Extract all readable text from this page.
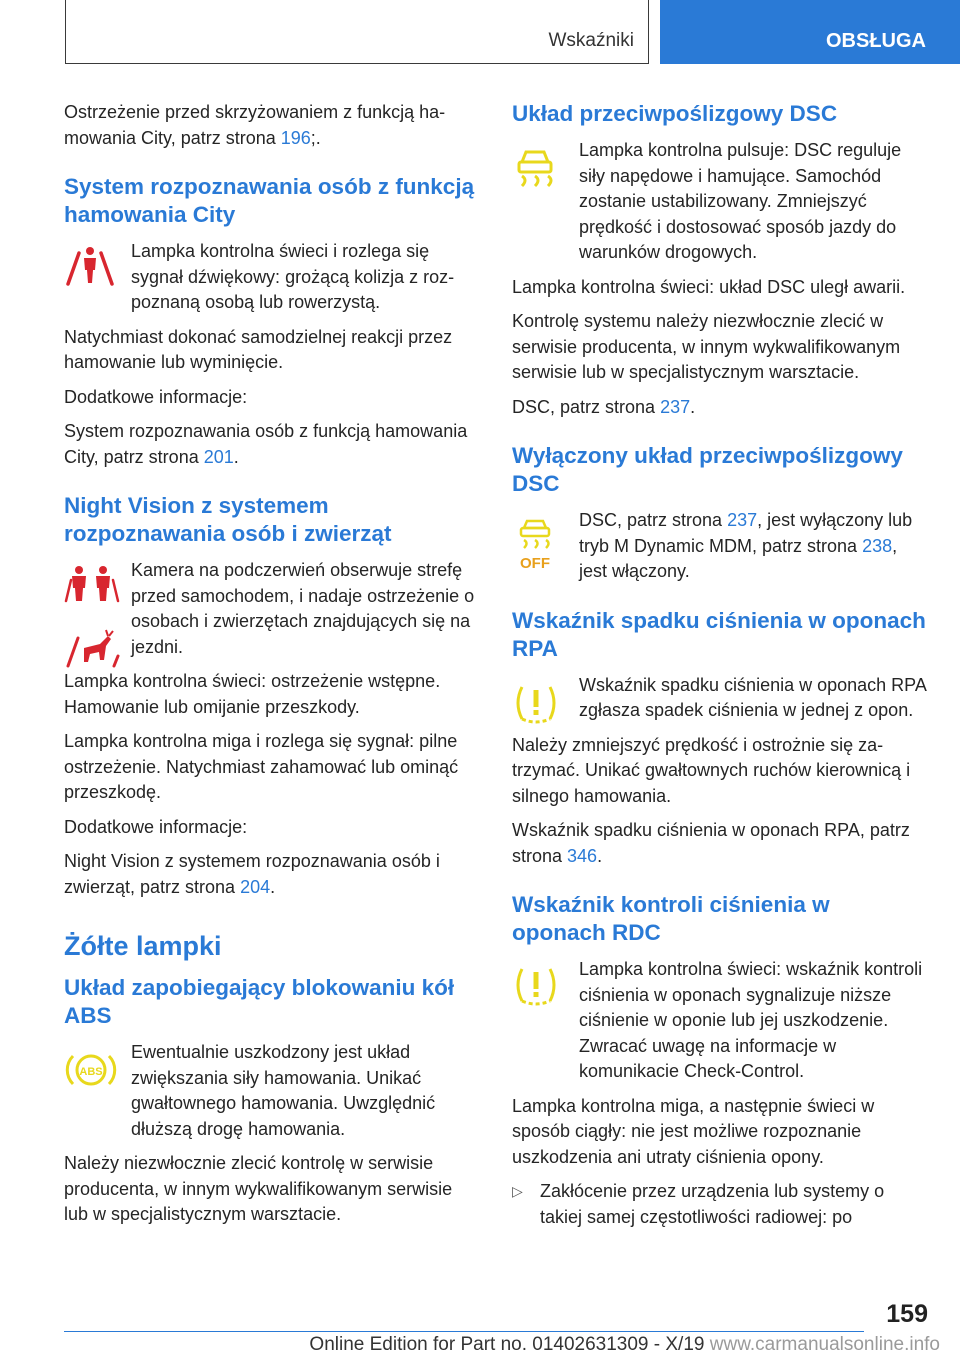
Wskaźniki	OBSŁUGA

Ostrzeżenie przed skrzyżowaniem z funkcją hamowania City, patrz strona 196;.

System rozpoznawania osób z funkcją hamowania City

Lampka kontrolna świeci i rozlega się sygnał dźwiękowy: grożącą kolizja z rozpoznaną osobą lub rowerzystą.

Natychmiast dokonać samodzielnej reakcji przez hamowanie lub wyminięcie.

Dodatkowe informacje:

System rozpoznawania osób z funkcją hamowania City, patrz strona 201.

Night Vision z systemem rozpoznawania osób i zwierząt

Kamera na podczerwień obserwuje strefę przed samochodem, i nadaje ostrzeżenie o osobach i zwierzętach znajdujących się na jezdni.

Lampka kontrolna świeci: ostrzeżenie wstępne. Hamowanie lub omijanie przeszkody.

Lampka kontrolna miga i rozlega się sygnał: pilne ostrzeżenie. Natychmiast zahamować lub ominąć przeszkodę.

Dodatkowe informacje:

Night Vision z systemem rozpoznawania osób i zwierząt, patrz strona 204.

Żółte lampki
Układ zapobiegający blokowaniu kół ABS
ABS

Ewentualnie uszkodzony jest układ zwiększania siły hamowania. Unikać gwałtownego hamowania. Uwzględnić dłuższą drogę hamowania.

Należy niezwłocznie zlecić kontrolę w serwisie producenta, w innym wykwalifikowanym serwisie lub w specjalistycznym warsztacie.

Układ przeciwpoślizgowy DSC

Lampka kontrolna pulsuje: DSC reguluje siły napędowe i hamujące. Samochód zostanie ustabilizowany. Zmniejszyć prędkość i dostosować sposób jazdy do warunków drogowych.

Lampka kontrolna świeci: układ DSC uległ awarii.

Kontrolę systemu należy niezwłocznie zlecić w serwisie producenta, w innym wykwalifikowanym serwisie lub w specjalistycznym warsztacie.

DSC, patrz strona 237.

Wyłączony układ przeciwpoślizgowy DSC
OFF

DSC, patrz strona 237, jest wyłączony lub tryb M Dynamic MDM, patrz strona 238, jest włączony.

Wskaźnik spadku ciśnienia w oponach RPA

Wskaźnik spadku ciśnienia w oponach RPA zgłasza spadek ciśnienia w jednej z opon.

Należy zmniejszyć prędkość i ostrożnie się zatrzymać. Unikać gwałtownych ruchów kierownicą i silnego hamowania.

Wskaźnik spadku ciśnienia w oponach RPA, patrz strona 346.

Wskaźnik kontroli ciśnienia w oponach RDC

Lampka kontrolna świeci: wskaźnik kontroli ciśnienia w oponach sygnalizuje niższe ciśnienie w oponie lub jej uszkodzenie. Zwracać uwagę na informacje w komunikacie Check-Control.

Lampka kontrolna miga, a następnie świeci w sposób ciągły: nie jest możliwe rozpoznanie uszkodzenia ani utraty ciśnienia opony.

▷ Zakłócenie przez urządzenia lub systemy o takiej samej częstotliwości radiowej: po

159
Online Edition for Part no. 01402631309 - X/19 www.carmanualsonline.info
